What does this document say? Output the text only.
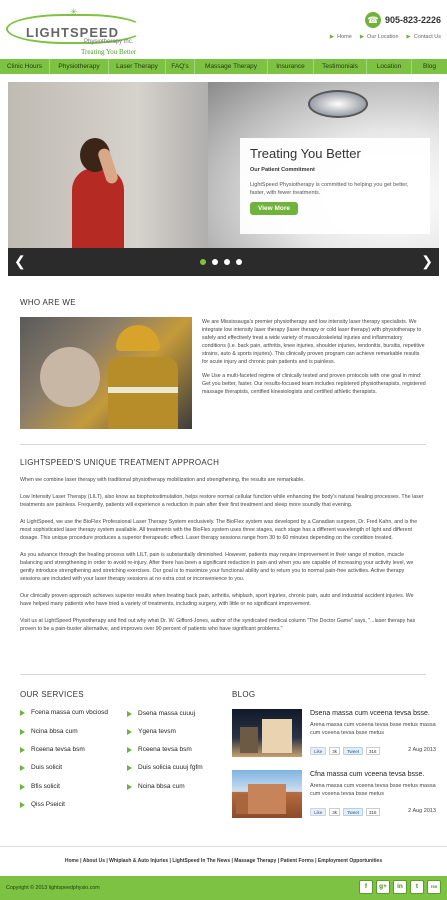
✳
LIGHTSPEED
Physiotherapy Inc.
Treating You Better
☎ 905-823-2226
▶ Home ▶ Our Location ▶ Contact Us
Clinic Hours	Physiotherapy	Laser Therapy	FAQ's	Massage Therapy	Insurance	Testimonials	Location	Blog
Treating You Better
Our Patient Commitment
LightSpeed Physiotherapy is committed to helping you get better, faster, with fewer treatments.
View More
❮	❯
WHO ARE WE

We are Mississauga's premier physiotherapy and low intensity laser therapy specialists. We integrate low intensity laser therapy (laser therapy or cold laser therapy) with physiotherapy to safely and effectively treat a wide variety of musculoskeletal injuries and inflammatory conditions (i.e. back pain, arthritis, knee injuries, shoulder injuries, tendonitis, bursitis, repetitive strains, auto & sports injuries). This clinically proven program can achieve remarkable results for acute injury and chronic pain patients and is painless.

We Use a multi-faceted regime of clinically tested and proven protocols with one goal in mind: Get you better, faster. Our results-focused team includes registered physiotherapists, registered massage therapists, certified kinesiologists and certified athletic therapists.

LIGHTSPEED'S UNIQUE TREATMENT APPROACH

When we combine laser therapy with traditional physiotherapy mobilization and strengthening, the results are remarkable.

Low Intensity Laser Therapy (LILT), also know as biophotostimulation, helps restore normal cellular function while enhancing the body's natural healing processes. The laser treatments are painless. Frequently, patients will experience a reduction in pain after their first treatment and sleep more soundly that evening.

At LightSpeed, we use the BioFlex Professional Laser Therapy System exclusively. The BioFlex system was developed by a Canadian surgeon, Dr. Fred Kahn, and is the most sophisticated laser therapy system available. All treatments with the BioFlex system uses three stages, each stage has a different wavelength of light and different dosage. This unique procedure produces a superior therapeutic effect. Laser therapy sessions range from 30 to 60 minutes depending on the condition treated.

As you advance through the healing process with LILT, pain is substantially diminished. However, patients may require improvement in their range of motion, muscle balancing and strengthening in order to avoid re-injury. After there has been a significant reduction in pain and when you are capable of increasing your activity level, we gently introduce strengthening and stretching exercises. Our goal is to maximize your functional ability and to return you to normal pain-free activities. Active therapy sessions are included with your laser therapy sessions at no extra cost or inconvenience to you.

Our clinically proven approach achieves superior results when treating back pain, arthritis, whiplash, sport injuries, chronic pain, auto and industrial accident injuries. We have helped many patients who have tried a variety of treatments, including surgery, with little or no significant improvement.

Visit us at LightSpeed Physiotherapy and find out why what Dr. W. Gifford-Jones, author of the syndicated medical column "The Doctor Game" says, "...laser therapy has proven to be a pain-buster alternative, and improves over 90 percent of patients who have significant problems."

OUR SERVICES
Fcena massa cum vbciosd
Ncina bbsa cum
Rceena tevsa bsm
Duis solicit
Bfis solicit
Qiss Pseicit
Dsena massa cuuuj
Ygena tevsm
Rceena tevsa bsm
Duis solicia cuuuj fgfm
Ncina bbsa cum
BLOG
Dsena massa cum vceena tevsa bsse.
Arena massa cum vceena tevsa bsse metus massa cum vceena tevsa bsse metus
Like	3k	Tweet	316	2 Aug 2013
Cfna massa cum vceena tevsa bsse.
Arena massa cum vceena tevsa bsse metus massa cum vceena tevsa bsse metus
Like	3k	Tweet	316	2 Aug 2013
Home | About Us | Whiplash & Auto Injuries | LightSpeed In The News | Massage Therapy | Patient Forms | Employment Opportunities
Copyright © 2013 lightspeedphysio.com	f	g+	in	t	rss
